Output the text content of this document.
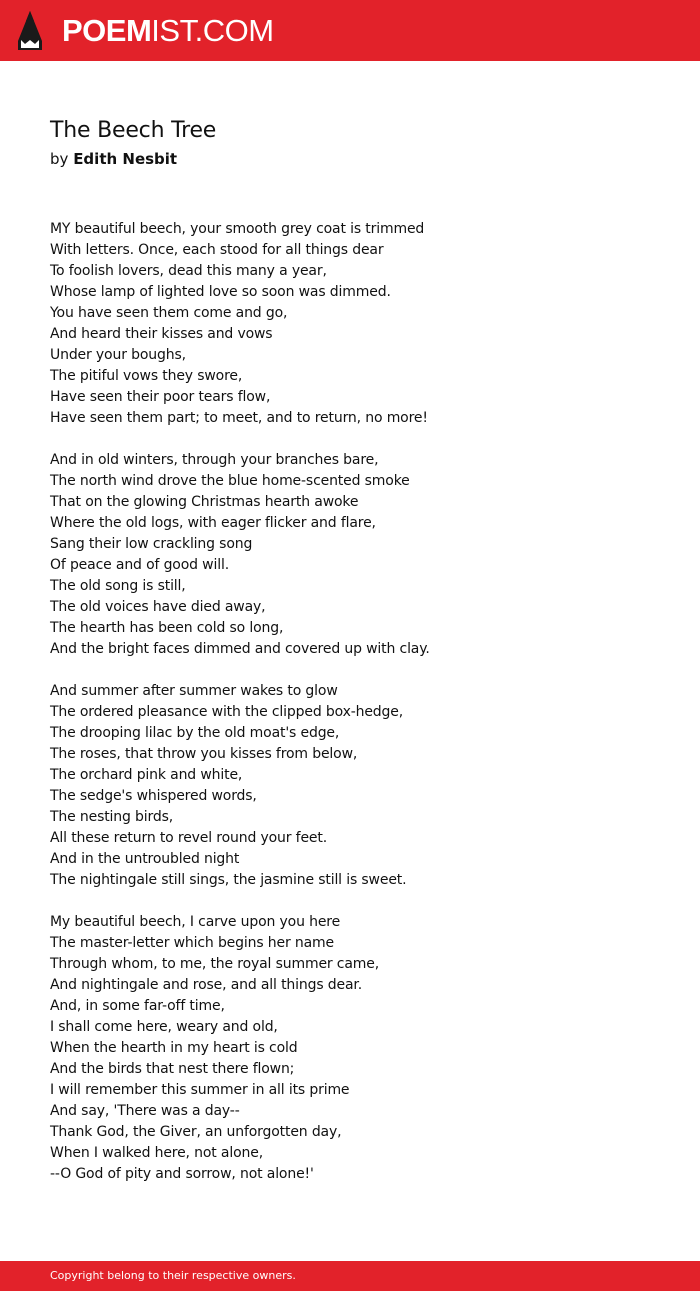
POEMIST.COM
The Beech Tree
by Edith Nesbit
MY beautiful beech, your smooth grey coat is trimmed
With letters. Once, each stood for all things dear
To foolish lovers, dead this many a year,
Whose lamp of lighted love so soon was dimmed.
You have seen them come and go,
And heard their kisses and vows
Under your boughs,
The pitiful vows they swore,
Have seen their poor tears flow,
Have seen them part; to meet, and to return, no more!
And in old winters, through your branches bare,
The north wind drove the blue home-scented smoke
That on the glowing Christmas hearth awoke
Where the old logs, with eager flicker and flare,
Sang their low crackling song
Of peace and of good will.
The old song is still,
The old voices have died away,
The hearth has been cold so long,
And the bright faces dimmed and covered up with clay.
And summer after summer wakes to glow
The ordered pleasance with the clipped box-hedge,
The drooping lilac by the old moat's edge,
The roses, that throw you kisses from below,
The orchard pink and white,
The sedge's whispered words,
The nesting birds,
All these return to revel round your feet.
And in the untroubled night
The nightingale still sings, the jasmine still is sweet.
My beautiful beech, I carve upon you here
The master-letter which begins her name
Through whom, to me, the royal summer came,
And nightingale and rose, and all things dear.
And, in some far-off time,
I shall come here, weary and old,
When the hearth in my heart is cold
And the birds that nest there flown;
I will remember this summer in all its prime
And say, 'There was a day--
Thank God, the Giver, an unforgotten day,
When I walked here, not alone,
--O God of pity and sorrow, not alone!'
Copyright belong to their respective owners.
